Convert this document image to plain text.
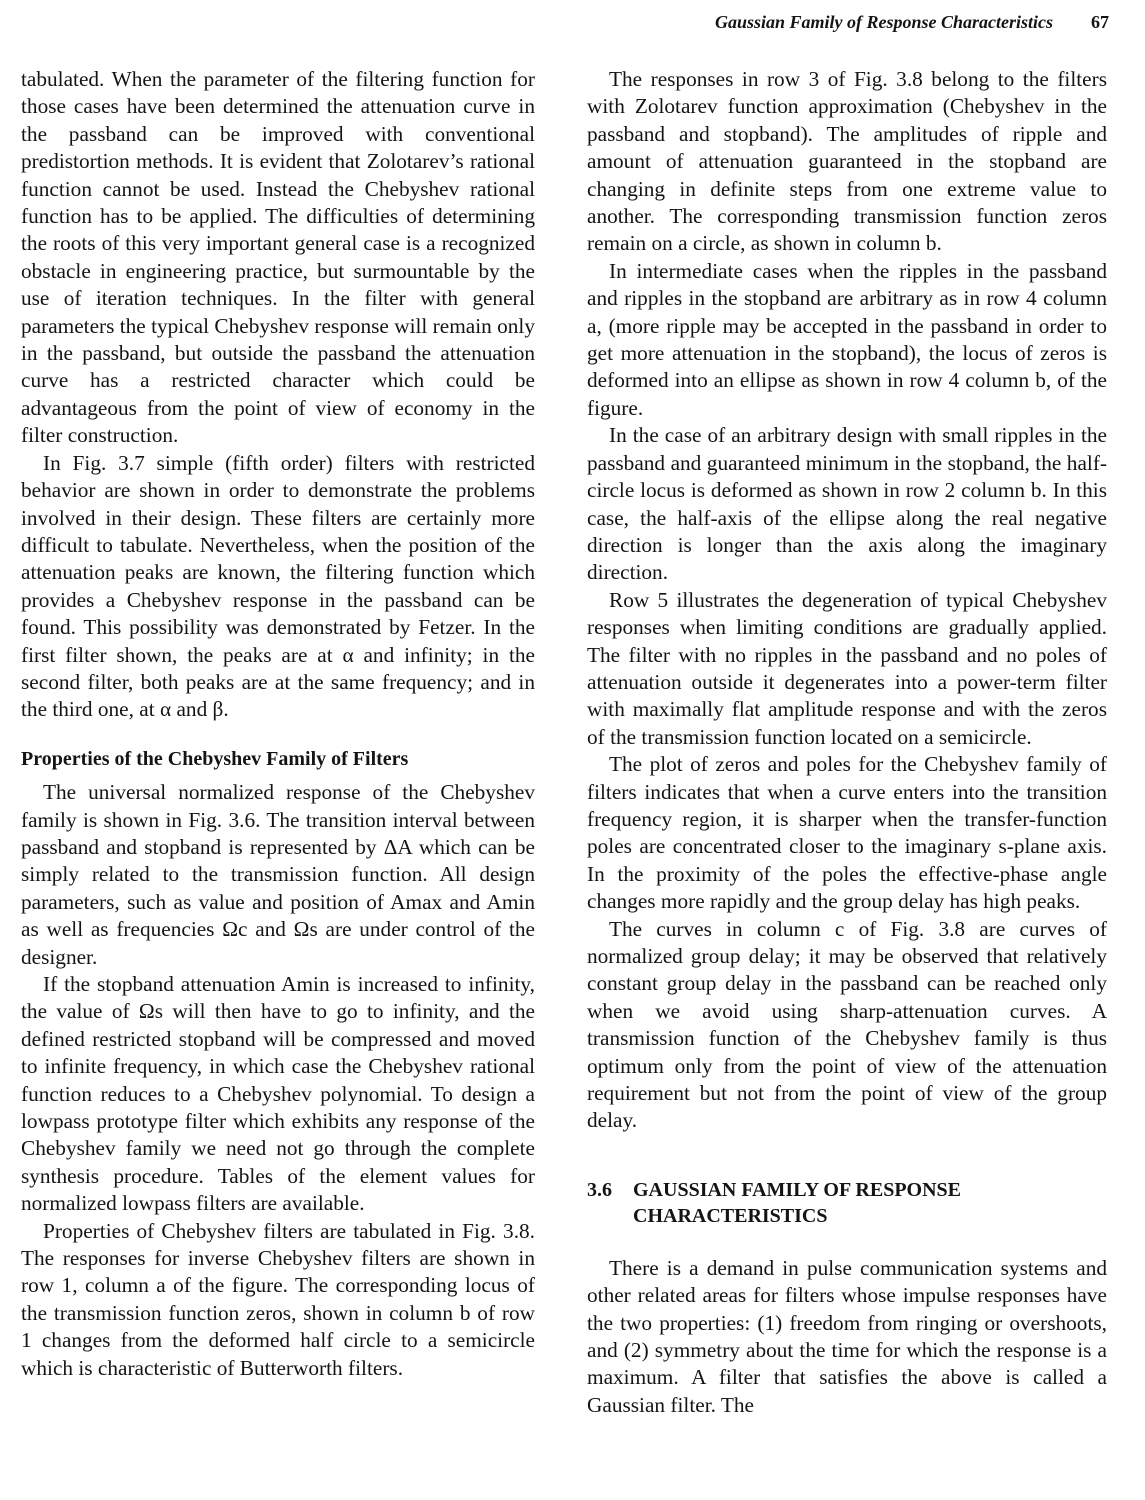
Gaussian Family of Response Characteristics 67

tabulated. When the parameter of the filtering function for those cases have been determined the attenuation curve in the passband can be improved with conventional predistortion methods. It is evident that Zolotarev’s rational function cannot be used. Instead the Chebyshev rational function has to be applied. The difficulties of determining the roots of this very important general case is a recognized obstacle in engineering practice, but surmountable by the use of iteration techniques. In the filter with general parameters the typical Chebyshev response will remain only in the passband, but outside the passband the attenuation curve has a restricted character which could be advantageous from the point of view of economy in the filter construction.

In Fig. 3.7 simple (fifth order) filters with restricted behavior are shown in order to demonstrate the problems involved in their design. These filters are certainly more difficult to tabulate. Nevertheless, when the position of the attenuation peaks are known, the filtering function which provides a Chebyshev response in the passband can be found. This possibility was demonstrated by Fetzer. In the first filter shown, the peaks are at α and infinity; in the second filter, both peaks are at the same frequency; and in the third one, at α and β.

Properties of the Chebyshev Family of Filters

The universal normalized response of the Chebyshev family is shown in Fig. 3.6. The transition interval between passband and stopband is represented by ΔA which can be simply related to the transmission function. All design parameters, such as value and position of Amax and Amin as well as frequencies Ωc and Ωs are under control of the designer.

If the stopband attenuation Amin is increased to infinity, the value of Ωs will then have to go to infinity, and the defined restricted stopband will be compressed and moved to infinite frequency, in which case the Chebyshev rational function reduces to a Chebyshev polynomial. To design a lowpass prototype filter which exhibits any response of the Chebyshev family we need not go through the complete synthesis procedure. Tables of the element values for normalized lowpass filters are available.

Properties of Chebyshev filters are tabulated in Fig. 3.8. The responses for inverse Chebyshev filters are shown in row 1, column a of the figure. The corresponding locus of the transmission function zeros, shown in column b of row 1 changes from the deformed half circle to a semicircle which is characteristic of Butterworth filters.

The responses in row 3 of Fig. 3.8 belong to the filters with Zolotarev function approximation (Chebyshev in the passband and stopband). The amplitudes of ripple and amount of attenuation guaranteed in the stopband are changing in definite steps from one extreme value to another. The corresponding transmission function zeros remain on a circle, as shown in column b.

In intermediate cases when the ripples in the passband and ripples in the stopband are arbitrary as in row 4 column a, (more ripple may be accepted in the passband in order to get more attenuation in the stopband), the locus of zeros is deformed into an ellipse as shown in row 4 column b, of the figure.

In the case of an arbitrary design with small ripples in the passband and guaranteed minimum in the stopband, the half-circle locus is deformed as shown in row 2 column b. In this case, the half-axis of the ellipse along the real negative direction is longer than the axis along the imaginary direction.

Row 5 illustrates the degeneration of typical Chebyshev responses when limiting conditions are gradually applied. The filter with no ripples in the passband and no poles of attenuation outside it degenerates into a power-term filter with maximally flat amplitude response and with the zeros of the transmission function located on a semicircle.

The plot of zeros and poles for the Chebyshev family of filters indicates that when a curve enters into the transition frequency region, it is sharper when the transfer-function poles are concentrated closer to the imaginary s-plane axis. In the proximity of the poles the effective-phase angle changes more rapidly and the group delay has high peaks.

The curves in column c of Fig. 3.8 are curves of normalized group delay; it may be observed that relatively constant group delay in the passband can be reached only when we avoid using sharp-attenuation curves. A transmission function of the Chebyshev family is thus optimum only from the point of view of the attenuation requirement but not from the point of view of the group delay.

3.6	GAUSSIAN FAMILY OF RESPONSE CHARACTERISTICS

There is a demand in pulse communication systems and other related areas for filters whose impulse responses have the two properties: (1) freedom from ringing or overshoots, and (2) symmetry about the time for which the response is a maximum. A filter that satisfies the above is called a Gaussian filter. The
